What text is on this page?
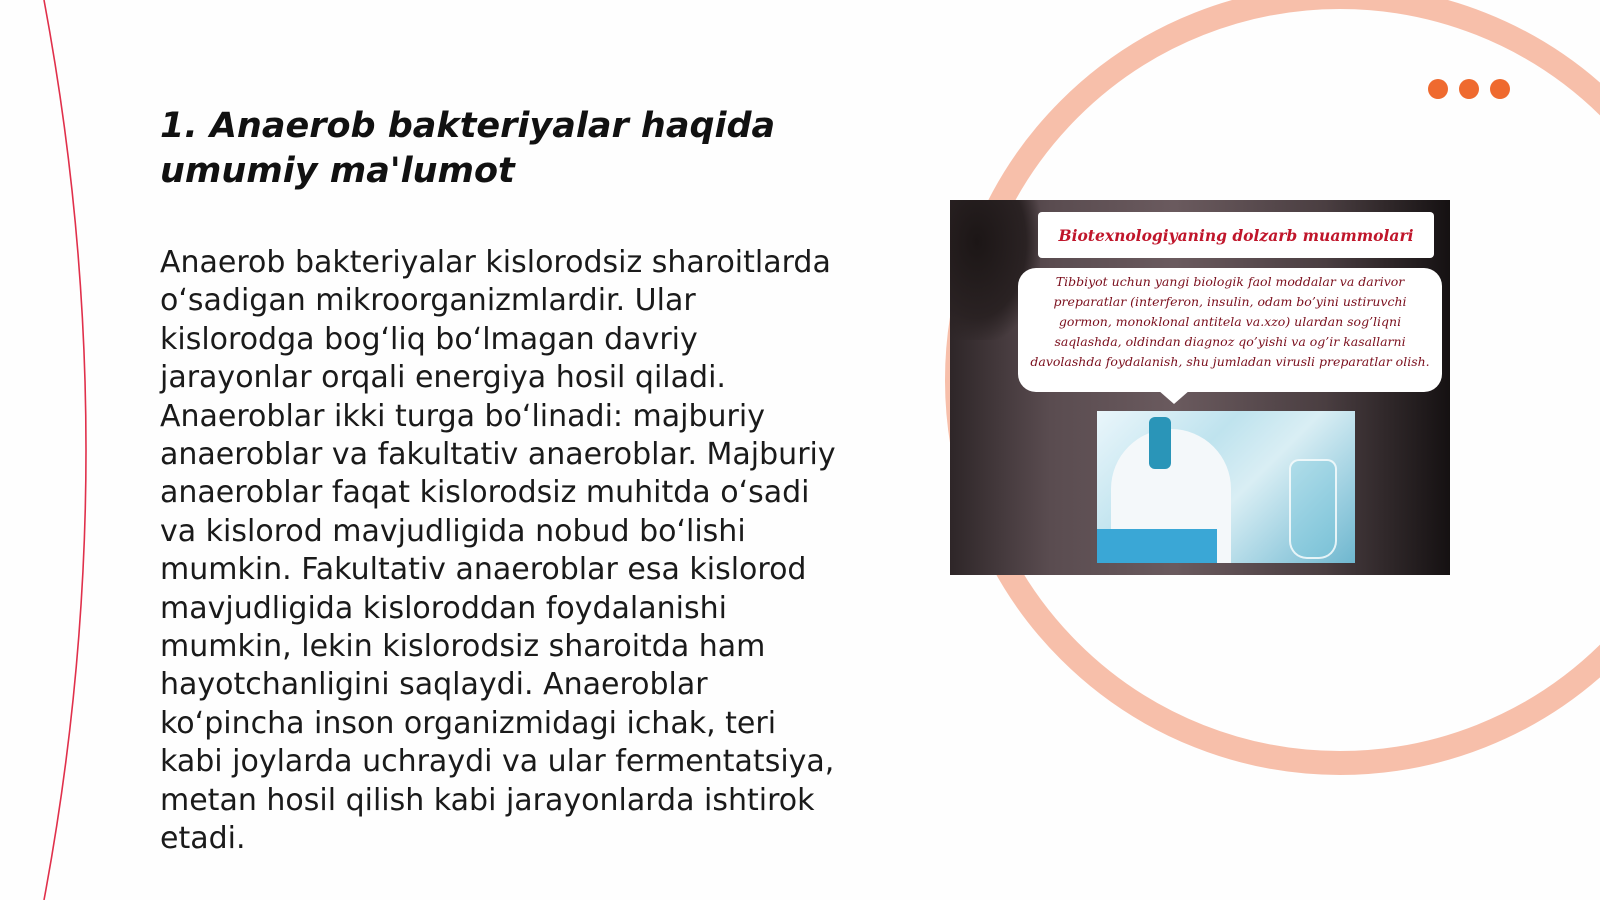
1. Anaerob bakteriyalar haqida umumiy ma'lumot

Anaerob bakteriyalar kislorodsiz sharoitlarda
o‘sadigan mikroorganizmlardir. Ular
kislorodga bog‘liq bo‘lmagan davriy
jarayonlar orqali energiya hosil qiladi.
Anaeroblar ikki turga bo‘linadi: majburiy
anaeroblar va fakultativ anaeroblar. Majburiy
anaeroblar faqat kislorodsiz muhitda o‘sadi
va kislorod mavjudligida nobud bo‘lishi
mumkin. Fakultativ anaeroblar esa kislorod
mavjudligida kisloroddan foydalanishi
mumkin, lekin kislorodsiz sharoitda ham
hayotchanligini saqlaydi. Anaeroblar
ko‘pincha inson organizmidagi ichak, teri
kabi joylarda uchraydi va ular fermentatsiya,
metan hosil qilish kabi jarayonlarda ishtirok
etadi.

Biotexnologiyaning dolzarb muammolari

Tibbiyot uchun yangi biologik faol moddalar va darivor preparatlar (interferon, insulin, odam bo’yini ustiruvchi gormon, monoklonal antitela va.xzo) ulardan sog’liqni saqlashda, oldindan diagnoz qo’yishi va og’ir kasallarni davolashda foydalanish, shu jumladan virusli preparatlar olish.
